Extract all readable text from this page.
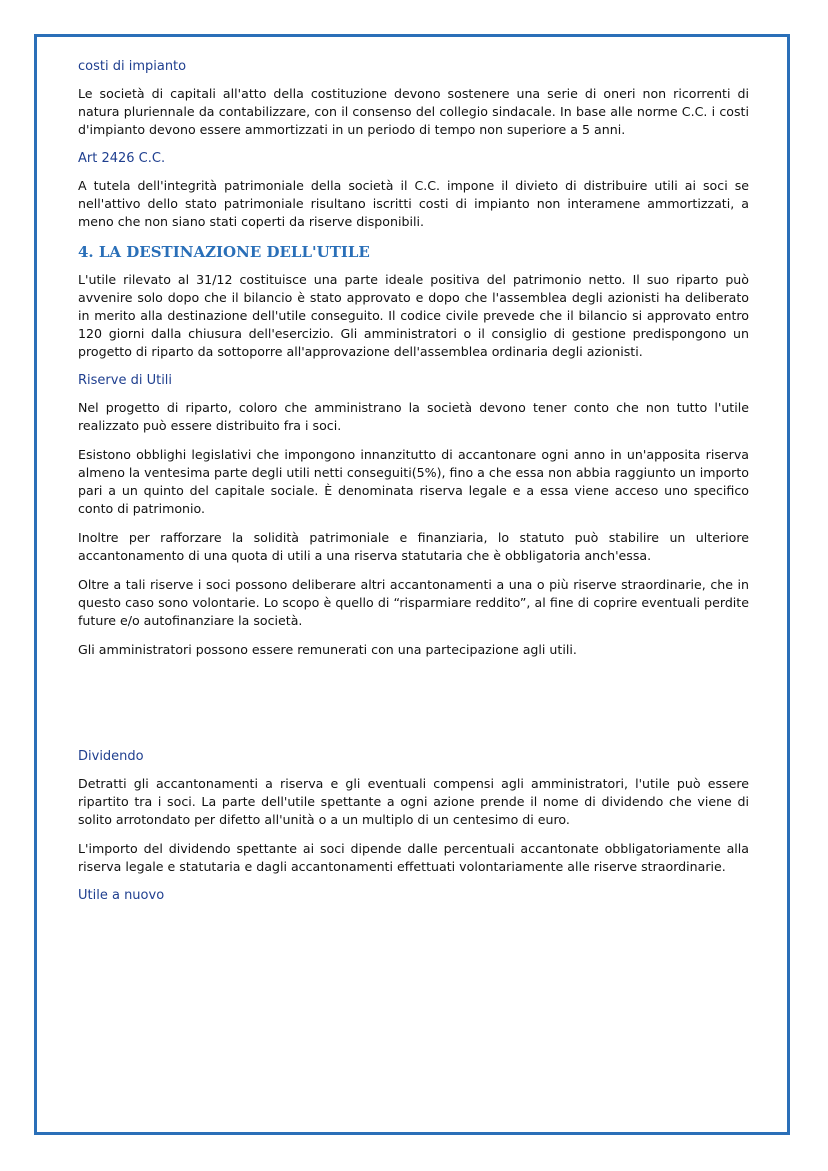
costi di impianto

Le società di capitali all'atto della costituzione devono sostenere una serie di oneri non ricorrenti di natura pluriennale da contabilizzare, con il consenso del collegio sindacale. In base alle norme C.C. i costi d'impianto devono essere ammortizzati in un periodo di tempo non superiore a 5 anni.

Art 2426 C.C.

A tutela dell'integrità patrimoniale della società il C.C. impone il divieto di distribuire utili ai soci se nell'attivo dello stato patrimoniale risultano iscritti costi di impianto non interamene ammortizzati, a meno che non siano stati coperti da riserve disponibili.

4. LA DESTINAZIONE DELL'UTILE

L'utile rilevato al 31/12 costituisce una parte ideale positiva del patrimonio netto. Il suo riparto può avvenire solo dopo che il bilancio è stato approvato e dopo che l'assemblea degli azionisti ha deliberato in merito alla destinazione dell'utile conseguito. Il codice civile prevede che il bilancio si approvato entro 120 giorni dalla chiusura dell'esercizio. Gli amministratori o il consiglio di gestione predispongono un progetto di riparto da sottoporre all'approvazione dell'assemblea ordinaria degli azionisti.

Riserve di Utili

Nel progetto di riparto, coloro che amministrano la società devono tener conto che non tutto l'utile realizzato può essere distribuito fra i soci.

Esistono obblighi legislativi che impongono innanzitutto di accantonare ogni anno in un'apposita riserva almeno la ventesima parte degli utili netti conseguiti(5%), fino a che essa non abbia raggiunto un importo pari a un quinto del capitale sociale. È denominata riserva legale e a essa viene acceso uno specifico conto di patrimonio.

Inoltre per rafforzare la solidità patrimoniale e finanziaria, lo statuto può stabilire un ulteriore accantonamento di una quota di utili a una riserva statutaria che è obbligatoria anch'essa.

Oltre a tali riserve i soci possono deliberare altri accantonamenti a una o più riserve straordinarie, che in questo caso sono volontarie. Lo scopo è quello di “risparmiare reddito”, al fine di coprire eventuali perdite future e/o autofinanziare la società.

Gli amministratori possono essere remunerati con una partecipazione agli utili.

Dividendo

Detratti gli accantonamenti a riserva e gli eventuali compensi agli amministratori, l'utile può essere ripartito tra i soci. La parte dell'utile spettante a ogni azione prende il nome di dividendo che viene di solito arrotondato per difetto all'unità o a un multiplo di un centesimo di euro.

L'importo del dividendo spettante ai soci dipende dalle percentuali accantonate obbligatoriamente alla riserva legale e statutaria e dagli accantonamenti effettuati volontariamente alle riserve straordinarie.

Utile a nuovo
